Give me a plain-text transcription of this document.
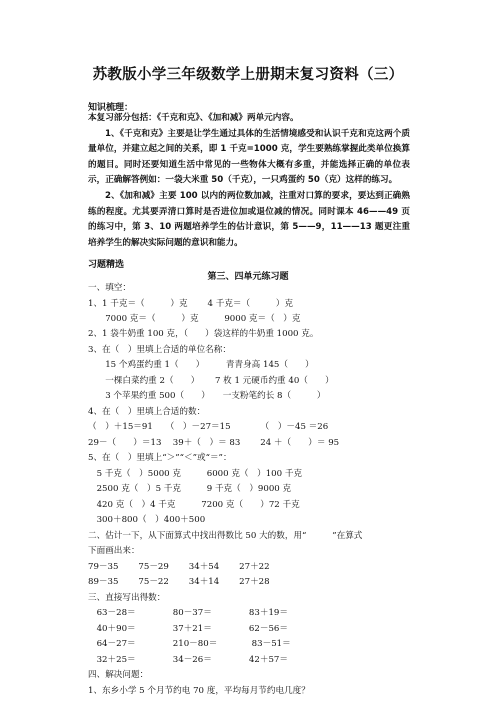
苏教版小学三年级数学上册期末复习资料（三）
知识梳理：

本复习部分包括：《千克和克》、《加和减》两单元内容。

1、《千克和克》主要是让学生通过具体的生活情境感受和认识千克和克这两个质量单位，并建立起之间的关系，即 1 千克=1000 克，学生要熟练掌握此类单位换算的题目。同时还要知道生活中常见的一些物体大概有多重，并能选择正确的单位表示，正确解答例如：一袋大米重 50（千克），一只鸡蛋约 50（克）这样的练习。

2、《加和减》主要 100 以内的两位数加减，注重对口算的要求，要达到正确熟练的程度。尤其要弄清口算时是否进位加或退位减的情况。同时课本 46——49 页的练习中，第 3、10 两题培养学生的估计意识，第 5——9，11——13 题更注重培养学生的解决实际问题的意识和能力。

习题精选
第三、四单元练习题
一、填空：
1、1 千克＝（　　　）克　　 4 千克＝（　　　）克
　　7000 克＝（　　　）克　　　9000 克＝（　）克
2、1 袋牛奶重 100 克，（　　）袋这样的牛奶重 1000 克。
3、在（　）里填上合适的单位名称：
　　15 个鸡蛋约重 1（　　）　　　青青身高 145（　　）
　　一棵白菜约重 2（　　）　　 7 枚 1 元硬币约重 40（　　）
　　3 个苹果约重 500（　　）　　一支粉笔约长 8（　　　）
4、在（　）里填上合适的数：
（　）＋15＝91　　（　）－27＝15　　　　（　）－45 ＝26
29－（　　）＝13　 39＋（　）＝ 83　　 24 ＋（　　）＝ 95
5、在（　）里填上“＞”“＜”或“＝”：
　5 千克（　）5000 克　　　6000 克（　）100 千克
　2500 克（　）5 千克　　　9 千克（　）9000 克
　420 克（　）4 千克　　　7200 克（　　）72 千克
　300＋800（　）400＋500
二、估计一下，从下面算式中找出得数比 50 大的数，用“　　　”在算式
下面画出来：
79－35　　 75－29　　 34＋54　　 27＋22
89－35　　 75－22　　 34＋14　　 27＋28
三、直接写出得数：
　63－28＝　　　　 80－37＝　　　　 83＋19＝
　40＋90＝　　　　 37＋21＝　　　　 62－56＝
　64－27＝　　　　 210－80＝　　　　83－51＝
　32＋25＝　　　　 34－26＝　　　　 42＋57＝
四、解决问题：
1、东乡小学 5 个月节约电 70 度，平均每月节约电几度？
